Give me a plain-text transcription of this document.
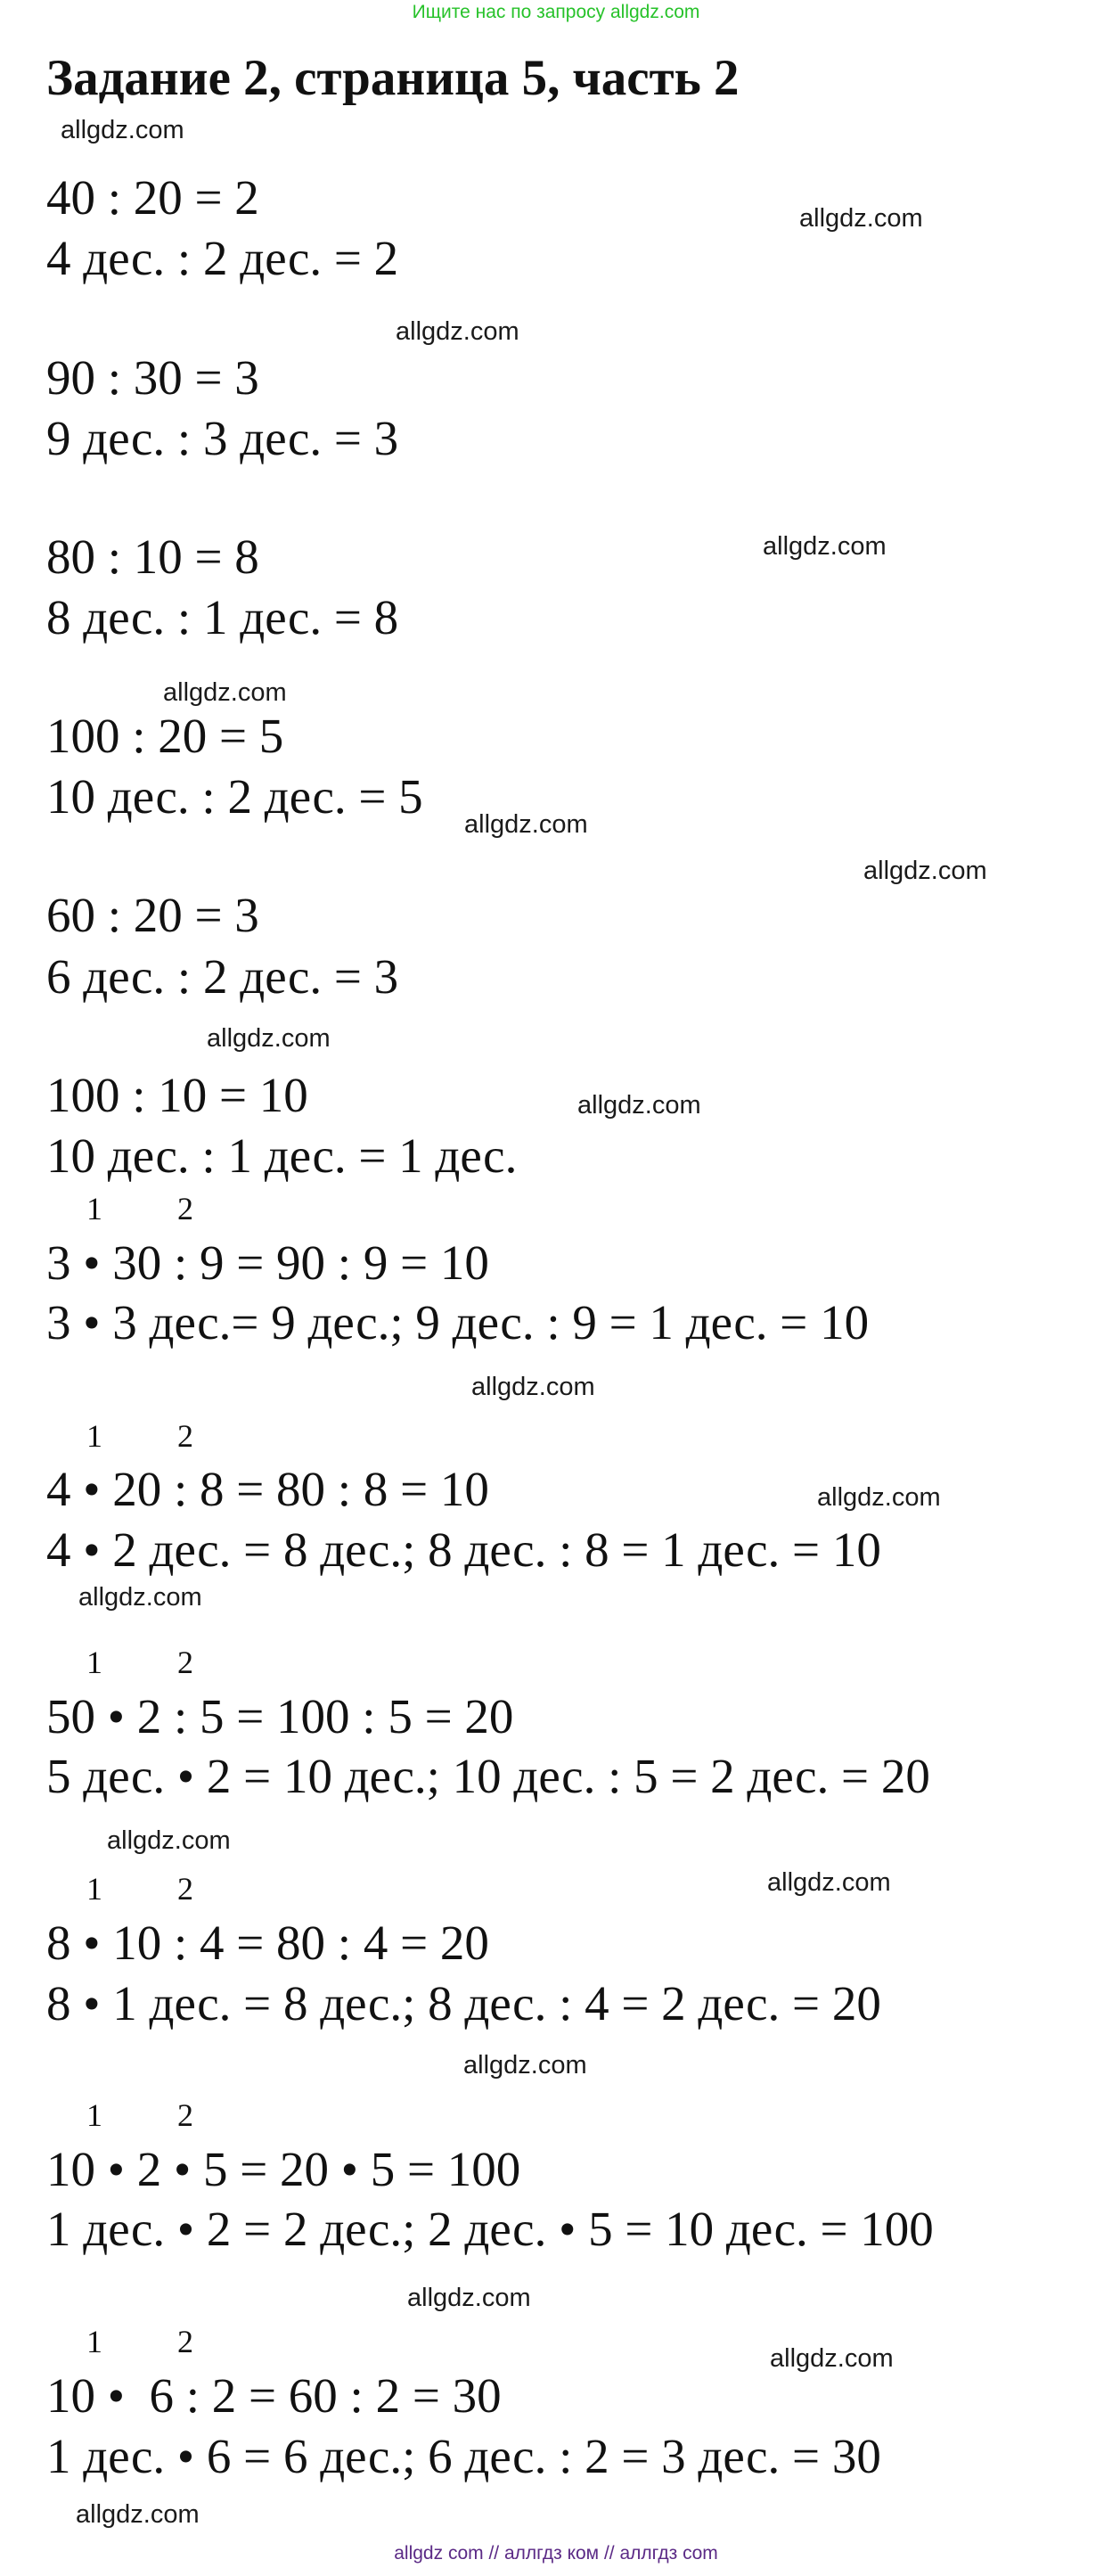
Ищите нас по запросу allgdz.com
Задание 2, страница 5, часть 2
40 : 20 = 2
4 дес. : 2 дес. = 2
90 : 30 = 3
9 дес. : 3 дес. = 3
80 : 10 = 8
8 дес. : 1 дес. = 8
100 : 20 = 5
10 дес. : 2 дес. = 5
60 : 20 = 3
6 дес. : 2 дес. = 3
100 : 10 = 10
10 дес. : 1 дес. = 1 дес.
1 2
3 • 30 : 9 = 90 : 9 = 10
3 • 3 дес.= 9 дес.; 9 дес. : 9 = 1 дес. = 10
1 2
4 • 20 : 8 = 80 : 8 = 10
4 • 2 дес. = 8 дес.; 8 дес. : 8 = 1 дес. = 10
1 2
50 • 2 : 5 = 100 : 5 = 20
5 дес. • 2 = 10 дес.; 10 дес. : 5 = 2 дес. = 20
1 2
8 • 10 : 4 = 80 : 4 = 20
8 • 1 дес. = 8 дес.; 8 дес. : 4 = 2 дес. = 20
1 2
10 • 2 • 5 = 20 • 5 = 100
1 дес. • 2 = 2 дес.; 2 дес. • 5 = 10 дес. = 100
1 2
10 •  6 : 2 = 60 : 2 = 30
1 дес. • 6 = 6 дес.; 6 дес. : 2 = 3 дес. = 30
allgdz.com
allgdz.com
allgdz.com
allgdz.com
allgdz.com
allgdz.com
allgdz.com
allgdz.com
allgdz.com
allgdz.com
allgdz.com
allgdz.com
allgdz.com
allgdz.com
allgdz.com
allgdz.com
allgdz.com
allgdz.com
allgdz com // аллгдз ком // аллгдз com
